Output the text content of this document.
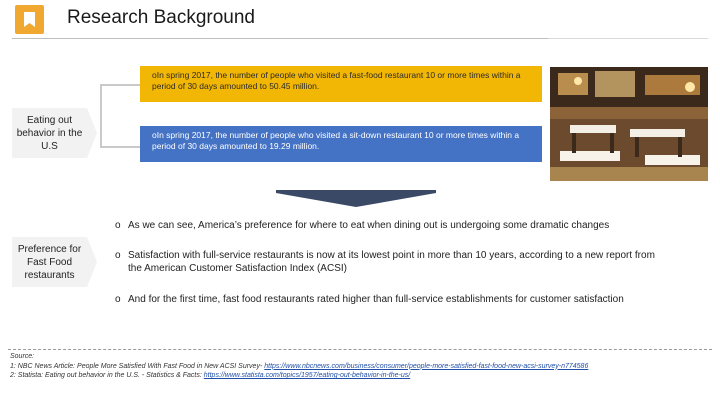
Research Background
Eating out behavior in the U.S
oIn spring 2017, the number of people who visited a fast-food restaurant 10 or more times within a period of 30 days amounted to 50.45 million.
oIn spring 2017, the number of people who visited a sit-down restaurant 10 or more times within a period of 30 days amounted to 19.29 million.
Preference for Fast Food restaurants
o As we can see, America’s preference for where to eat when dining out is undergoing some dramatic changes
o Satisfaction with full-service restaurants is now at its lowest point in more than 10 years, according to a new report from the American Customer Satisfaction Index (ACSI)
o And for the first time, fast food restaurants rated higher than full-service establishments for customer satisfaction
Source:
1: NBC News Article: People More Satisfied With Fast Food in New ACSI Survey- https://www.nbcnews.com/business/consumer/people-more-satisfied-fast-food-new-acsi-survey-n774586
2: Statista: Eating out behavior in the U.S. - Statistics & Facts: https://www.statista.com/topics/1957/eating-out-behavior-in-the-us/
